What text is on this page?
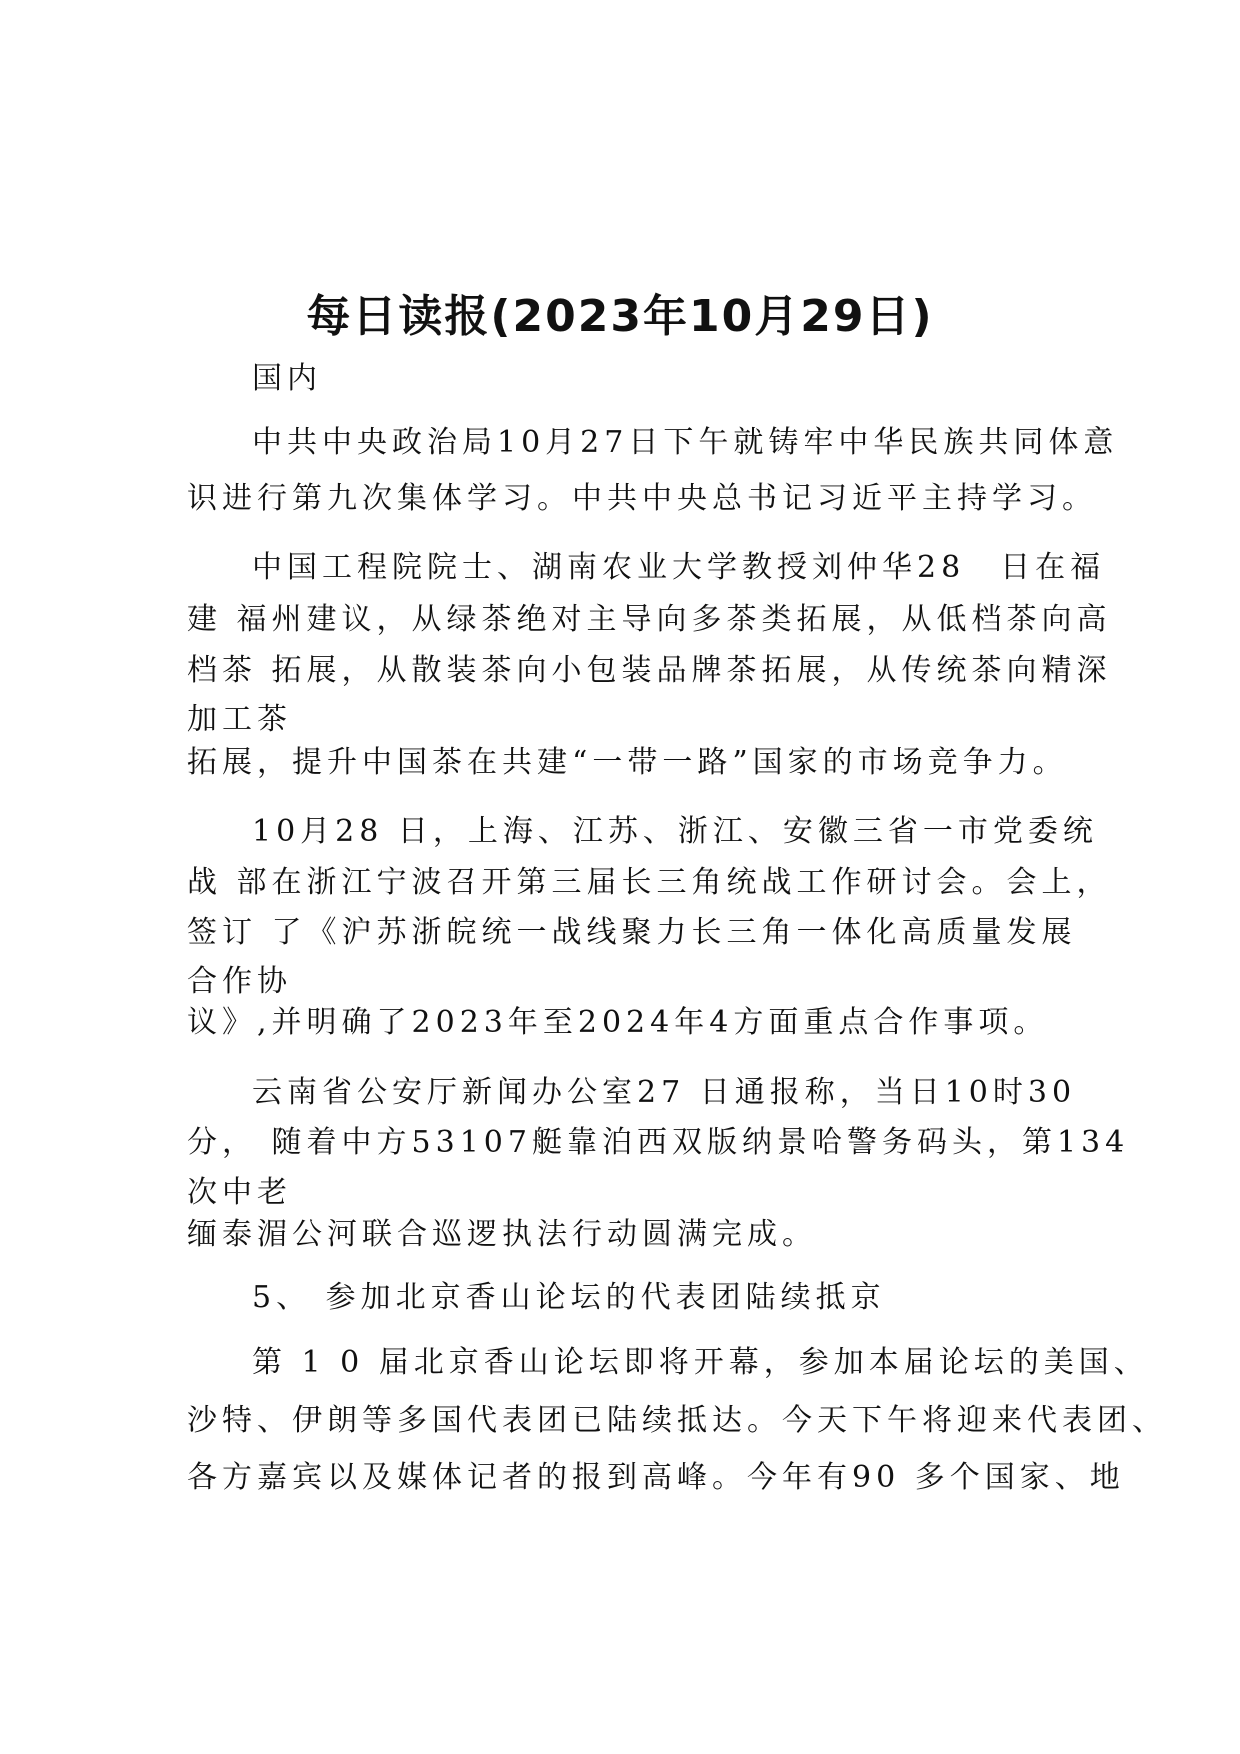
每日读报(2023年10月29日)

国内

中共中央政治局10月27日下午就铸牢中华民族共同体意

识进行第九次集体学习。中共中央总书记习近平主持学习。

中国工程院院士、湖南农业大学教授刘仲华28　日在福

建 福州建议，从绿茶绝对主导向多茶类拓展，从低档茶向高

档茶 拓展，从散装茶向小包装品牌茶拓展，从传统茶向精深

加工茶

拓展，提升中国茶在共建“一带一路”国家的市场竞争力。

10月28 日，上海、江苏、浙江、安徽三省一市党委统

战 部在浙江宁波召开第三届长三角统战工作研讨会。会上，

签订 了《沪苏浙皖统一战线聚力长三角一体化高质量发展

合作协

议》,并明确了2023年至2024年4方面重点合作事项。

云南省公安厅新闻办公室27 日通报称，当日10时30

分， 随着中方53107艇靠泊西双版纳景哈警务码头，第134

次中老

缅泰湄公河联合巡逻执法行动圆满完成。

5、 参加北京香山论坛的代表团陆续抵京

第 1 0 届北京香山论坛即将开幕，参加本届论坛的美国、

沙特、伊朗等多国代表团已陆续抵达。今天下午将迎来代表团、

各方嘉宾以及媒体记者的报到高峰。今年有90 多个国家、地
